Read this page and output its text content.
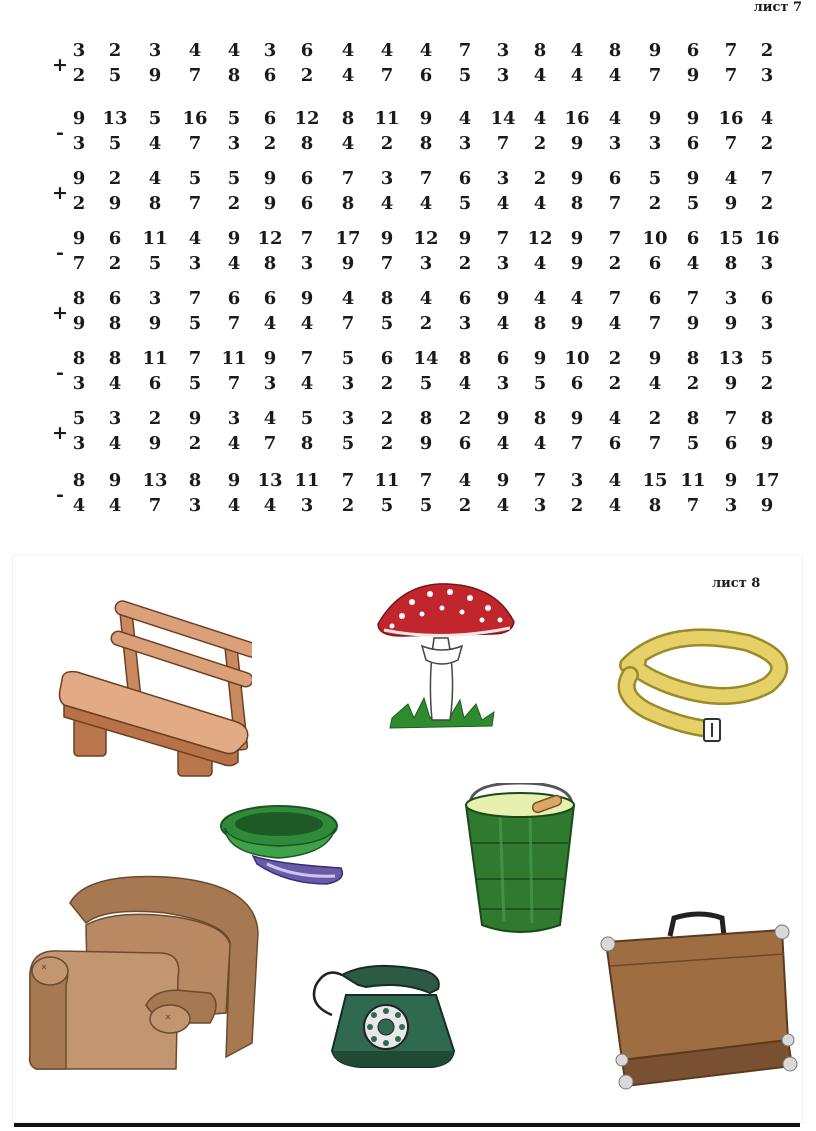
лист 7
+
3
2
2
5
3
9
4
7
4
8
3
6
6
2
4
4
4
7
4
6
7
5
3
3
8
4
4
4
8
4
9
7
6
9
7
7
2
3
-
9
3
13
5
5
4
16
7
5
3
6
2
12
8
8
4
11
2
9
8
4
3
14
7
4
2
16
9
4
3
9
3
9
6
16
7
4
2
+
9
2
2
9
4
8
5
7
5
2
9
9
6
6
7
8
3
4
7
4
6
5
3
4
2
4
9
8
6
7
5
2
9
5
4
9
7
2
-
9
7
6
2
11
5
4
3
9
4
12
8
7
3
17
9
9
7
12
3
9
2
7
3
12
4
9
9
7
2
10
6
6
4
15
8
16
3
+
8
9
6
8
3
9
7
5
6
7
6
4
9
4
4
7
8
5
4
2
6
3
9
4
4
8
4
9
7
4
6
7
7
9
3
9
6
3
-
8
3
8
4
11
6
7
5
11
7
9
3
7
4
5
3
6
2
14
5
8
4
6
3
9
5
10
6
2
2
9
4
8
2
13
9
5
2
+
5
3
3
4
2
9
9
2
3
4
4
7
5
8
3
5
2
2
8
9
2
6
9
4
8
4
9
7
4
6
2
7
8
5
7
6
8
9
-
8
4
9
4
13
7
8
3
9
4
13
4
11
3
7
2
11
5
7
5
4
2
9
4
7
3
3
2
4
4
15
8
11
7
9
3
17
9
лист 8
